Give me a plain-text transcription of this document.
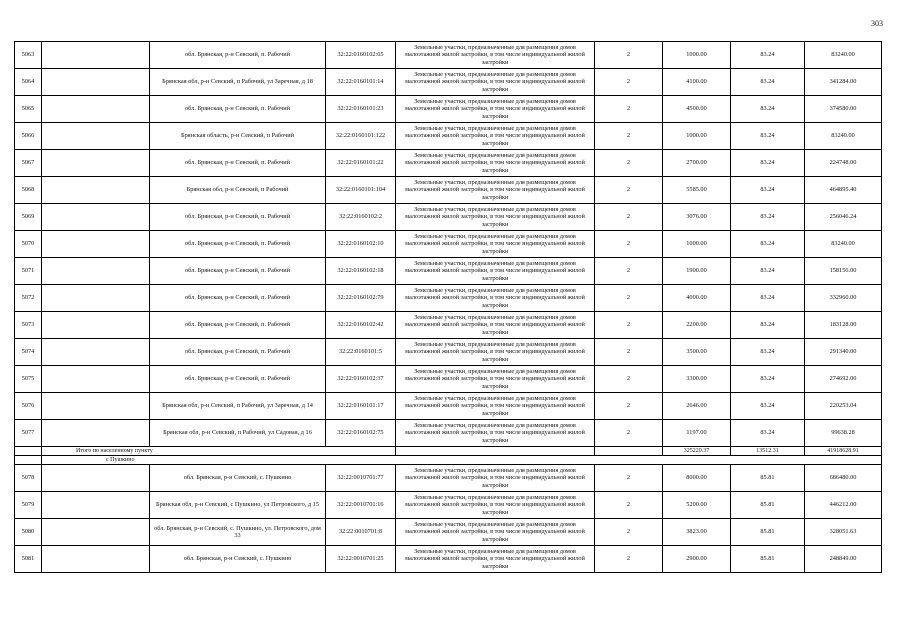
303
5063		обл. Брянская, р-н Севский, п. Рабочий	32:22:0160102:65	Земельные участки, предназначенные для размещения домов малоэтажной жилой застройки, в том числе индивидуальной жилой застройки	2	1000.00	83.24	83240.00
5064		Брянская обл, р-н Севский, п Рабочий, ул Заречная, д 18	32:22:0160101:14	Земельные участки, предназначенные для размещения домов малоэтажной жилой застройки, в том числе индивидуальной жилой застройки	2	4100.00	83.24	341284.00
5065		обл. Брянская, р-н Севский, п. Рабочий	32:22:0160101:23	Земельные участки, предназначенные для размещения домов малоэтажной жилой застройки, в том числе индивидуальной жилой застройки	2	4500.00	83.24	374580.00
5066		Брянская область, р-н Севский, п Рабочий	32:22:0160101:122	Земельные участки, предназначенные для размещения домов малоэтажной жилой застройки, в том числе индивидуальной жилой застройки	2	1000.00	83.24	83240.00
5067		обл. Брянская, р-н Севский, п. Рабочий	32:22:0160101:22	Земельные участки, предназначенные для размещения домов малоэтажной жилой застройки, в том числе индивидуальной жилой застройки	2	2700.00	83.24	224748.00
5068		Брянская обл, р-н Севский, п Рабочий	32:22:0160101:104	Земельные участки, предназначенные для размещения домов малоэтажной жилой застройки, в том числе индивидуальной жилой застройки	2	5585.00	83.24	464895.40
5069		обл. Брянская, р-н Севский, п. Рабочий	32:22:0160102:2	Земельные участки, предназначенные для размещения домов малоэтажной жилой застройки, в том числе индивидуальной жилой застройки	2	3076.00	83.24	256046.24
5070		обл. Брянская, р-н Севский, п. Рабочий	32:22:0160102:10	Земельные участки, предназначенные для размещения домов малоэтажной жилой застройки, в том числе индивидуальной жилой застройки	2	1000.00	83.24	83240.00
5071		обл. Брянская, р-н Севский, п. Рабочий	32:22:0160102:18	Земельные участки, предназначенные для размещения домов малоэтажной жилой застройки, в том числе индивидуальной жилой застройки	2	1900.00	83.24	158156.00
5072		обл. Брянская, р-н Севский, п. Рабочий	32:22:0160102:79	Земельные участки, предназначенные для размещения домов малоэтажной жилой застройки, в том числе индивидуальной жилой застройки	2	4000.00	83.24	332960.00
5073		обл. Брянская, р-н Севский, п. Рабочий	32:22:0160102:42	Земельные участки, предназначенные для размещения домов малоэтажной жилой застройки, в том числе индивидуальной жилой застройки	2	2200.00	83.24	183128.00
5074		обл. Брянская, р-н Севский, п. Рабочий	32:22:0160101:5	Земельные участки, предназначенные для размещения домов малоэтажной жилой застройки, в том числе индивидуальной жилой застройки	2	3500.00	83.24	291340.00
5075		обл. Брянская, р-н Севский, п. Рабочий	32:22:0160102:37	Земельные участки, предназначенные для размещения домов малоэтажной жилой застройки, в том числе индивидуальной жилой застройки	2	3300.00	83.24	274692.00
5076		Брянская обл, р-н Севский, п Рабочий, ул Заречная, д 14	32:22:0160101:17	Земельные участки, предназначенные для размещения домов малоэтажной жилой застройки, в том числе индивидуальной жилой застройки	2	2646.00	83.24	220253.04
5077		Брянская обл, р-н Севский, п Рабочий, ул Садовая, д 16	32:22:0160102:75	Земельные участки, предназначенные для размещения домов малоэтажной жилой застройки, в том числе индивидуальной жилой застройки	2	1197.00	83.24	99638.28
	Итого по населенному пункту					325220.37	13512.31	41918628.91
	с Пушкино							
5078		обл. Брянская, р-н Севский, с. Пушкино	32:22:0010701:77	Земельные участки, предназначенные для размещения домов малоэтажной жилой застройки, в том числе индивидуальной жилой застройки	2	8000.00	85.81	686480.00
5079		Брянская обл, р-н Севский, с Пушкино, ул Петровского, д 15	32:22:0010701:16	Земельные участки, предназначенные для размещения домов малоэтажной жилой застройки, в том числе индивидуальной жилой застройки	2	5200.00	85.81	446212.00
5080		обл. Брянская, р-н Севский, с. Пушкино, ул. Петровского, дом 33	32:22:0010701:8	Земельные участки, предназначенные для размещения домов малоэтажной жилой застройки, в том числе индивидуальной жилой застройки	2	3823.00	85.81	328051.63
5081		обл. Брянская, р-н Севский, с. Пушкино	32:22:0010701:25	Земельные участки, предназначенные для размещения домов малоэтажной жилой застройки, в том числе индивидуальной жилой застройки	2	2900.00	85.81	248849.00
